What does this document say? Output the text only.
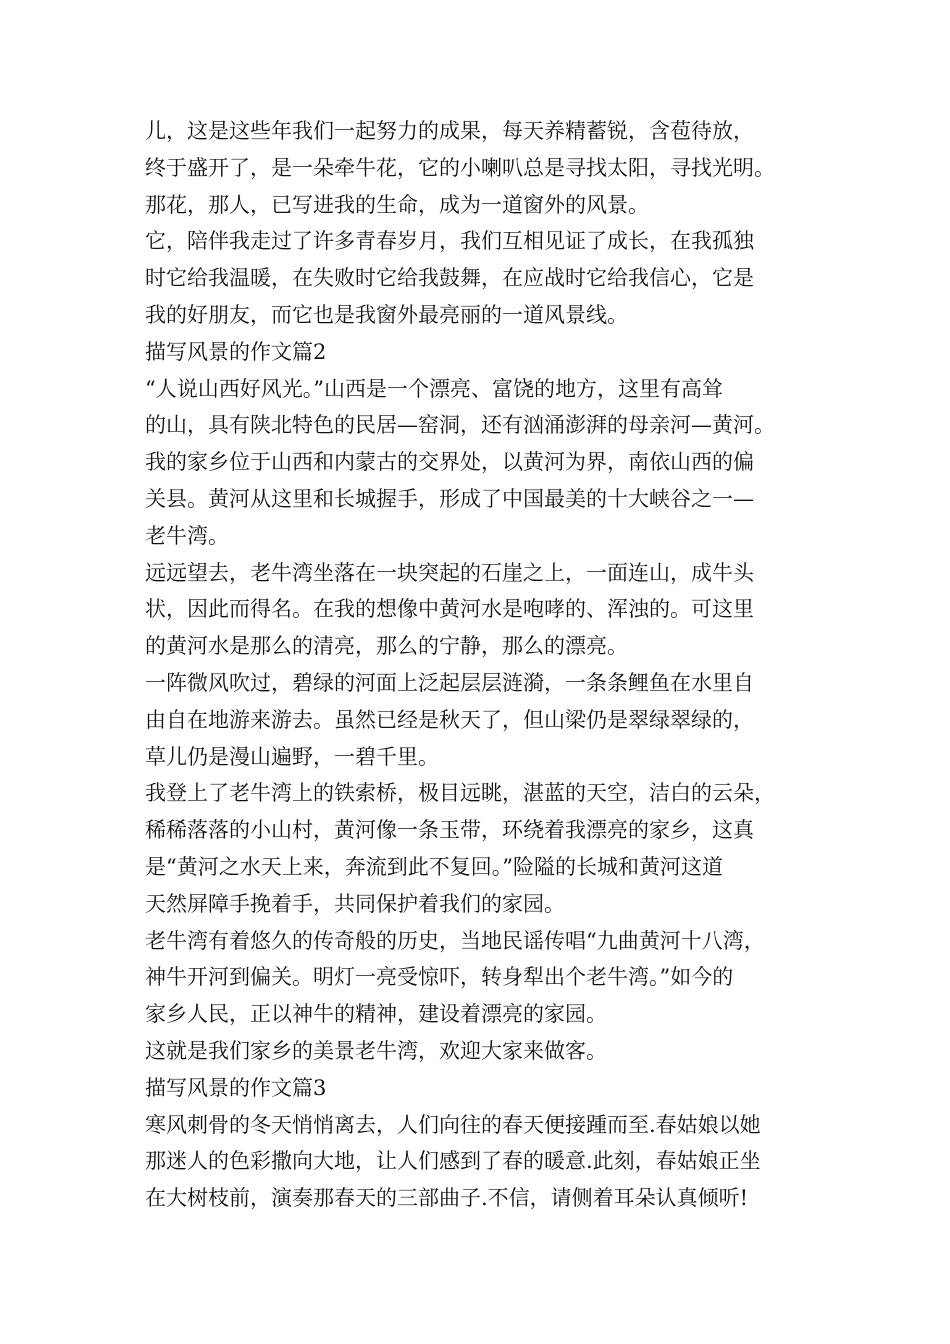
儿，这是这些年我们一起努力的成果，每天养精蓄锐，含苞待放，
终于盛开了，是一朵牵牛花，它的小喇叭总是寻找太阳，寻找光明。
那花，那人，已写进我的生命，成为一道窗外的风景。
它，陪伴我走过了许多青春岁月，我们互相见证了成长，在我孤独
时它给我温暖，在失败时它给我鼓舞，在应战时它给我信心，它是
我的好朋友，而它也是我窗外最亮丽的一道风景线。
描写风景的作文篇2
“人说山西好风光。”山西是一个漂亮、富饶的地方，这里有高耸
的山，具有陕北特色的民居—窑洞，还有汹涌澎湃的母亲河—黄河。
我的家乡位于山西和内蒙古的交界处，以黄河为界，南依山西的偏
关县。黄河从这里和长城握手，形成了中国最美的十大峡谷之一—
老牛湾。
远远望去，老牛湾坐落在一块突起的石崖之上，一面连山，成牛头
状，因此而得名。在我的想像中黄河水是咆哮的、浑浊的。可这里
的黄河水是那么的清亮，那么的宁静，那么的漂亮。
一阵微风吹过，碧绿的河面上泛起层层涟漪，一条条鲤鱼在水里自
由自在地游来游去。虽然已经是秋天了，但山梁仍是翠绿翠绿的，
草儿仍是漫山遍野，一碧千里。
我登上了老牛湾上的铁索桥，极目远眺，湛蓝的天空，洁白的云朵，
稀稀落落的小山村，黄河像一条玉带，环绕着我漂亮的家乡，这真
是“黄河之水天上来，奔流到此不复回。”险隘的长城和黄河这道
天然屏障手挽着手，共同保护着我们的家园。
老牛湾有着悠久的传奇般的历史，当地民谣传唱“九曲黄河十八湾，
神牛开河到偏关。明灯一亮受惊吓，转身犁出个老牛湾。”如今的
家乡人民，正以神牛的精神，建设着漂亮的家园。
这就是我们家乡的美景老牛湾，欢迎大家来做客。
描写风景的作文篇3
寒风刺骨的冬天悄悄离去，人们向往的春天便接踵而至.春姑娘以她
那迷人的色彩撒向大地，让人们感到了春的暖意.此刻，春姑娘正坐
在大树枝前，演奏那春天的三部曲子.不信，请侧着耳朵认真倾听!
